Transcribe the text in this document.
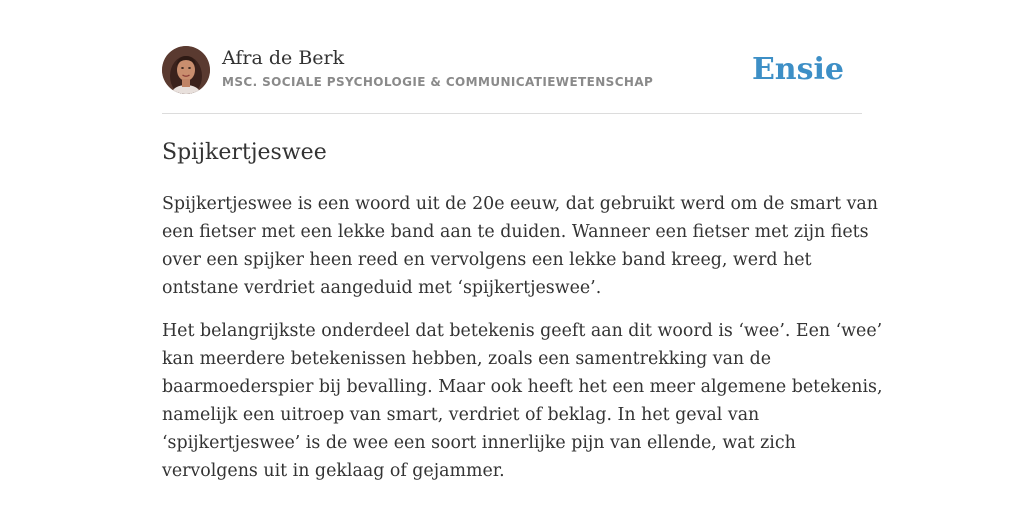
Afra de Berk
MSC. SOCIALE PSYCHOLOGIE & COMMUNICATIEWETENSCHAP	Ensie
Spijkertjeswee

Spijkertjeswee is een woord uit de 20e eeuw, dat gebruikt werd om de smart van
een fietser met een lekke band aan te duiden. Wanneer een fietser met zijn fiets
over een spijker heen reed en vervolgens een lekke band kreeg, werd het
ontstane verdriet aangeduid met ‘spijkertjeswee’.

Het belangrijkste onderdeel dat betekenis geeft aan dit woord is ‘wee’. Een ‘wee’
kan meerdere betekenissen hebben, zoals een samentrekking van de
baarmoederspier bij bevalling. Maar ook heeft het een meer algemene betekenis,
namelijk een uitroep van smart, verdriet of beklag. In het geval van
‘spijkertjeswee’ is de wee een soort innerlijke pijn van ellende, wat zich
vervolgens uit in geklaag of gejammer.
